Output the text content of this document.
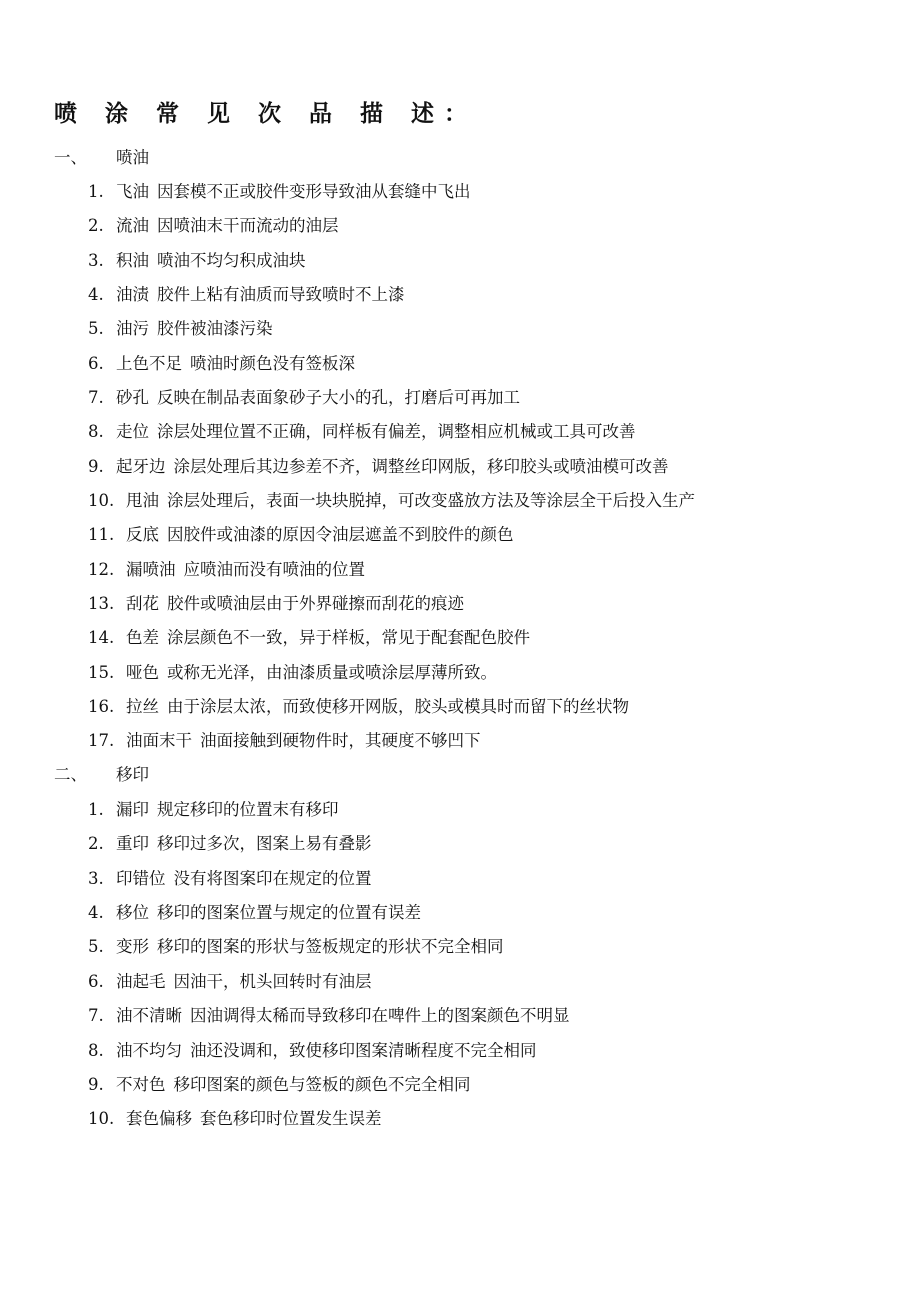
喷 涂 常 见 次 品 描 述：
一、 喷油
1. 飞油 因套模不正或胶件变形导致油从套缝中飞出
2. 流油 因喷油末干而流动的油层
3. 积油 喷油不均匀积成油块
4. 油渍 胶件上粘有油质而导致喷时不上漆
5. 油污 胶件被油漆污染
6. 上色不足 喷油时颜色没有签板深
7. 砂孔 反映在制品表面象砂子大小的孔，打磨后可再加工
8. 走位 涂层处理位置不正确，同样板有偏差，调整相应机械或工具可改善
9. 起牙边 涂层处理后其边参差不齐，调整丝印网版，移印胶头或喷油模可改善
10. 甩油 涂层处理后，表面一块块脱掉，可改变盛放方法及等涂层全干后投入生产
11. 反底 因胶件或油漆的原因令油层遮盖不到胶件的颜色
12. 漏喷油 应喷油而没有喷油的位置
13. 刮花 胶件或喷油层由于外界碰擦而刮花的痕迹
14. 色差 涂层颜色不一致，异于样板，常见于配套配色胶件
15. 哑色 或称无光泽，由油漆质量或喷涂层厚薄所致。
16. 拉丝 由于涂层太浓，而致使移开网版，胶头或模具时而留下的丝状物
17. 油面末干 油面接触到硬物件时，其硬度不够凹下
二、 移印
1. 漏印 规定移印的位置末有移印
2. 重印 移印过多次，图案上易有叠影
3. 印错位 没有将图案印在规定的位置
4. 移位 移印的图案位置与规定的位置有误差
5. 变形 移印的图案的形状与签板规定的形状不完全相同
6. 油起毛 因油干，机头回转时有油层
7. 油不清晰 因油调得太稀而导致移印在啤件上的图案颜色不明显
8. 油不均匀 油还没调和，致使移印图案清晰程度不完全相同
9. 不对色 移印图案的颜色与签板的颜色不完全相同
10. 套色偏移 套色移印时位置发生误差
